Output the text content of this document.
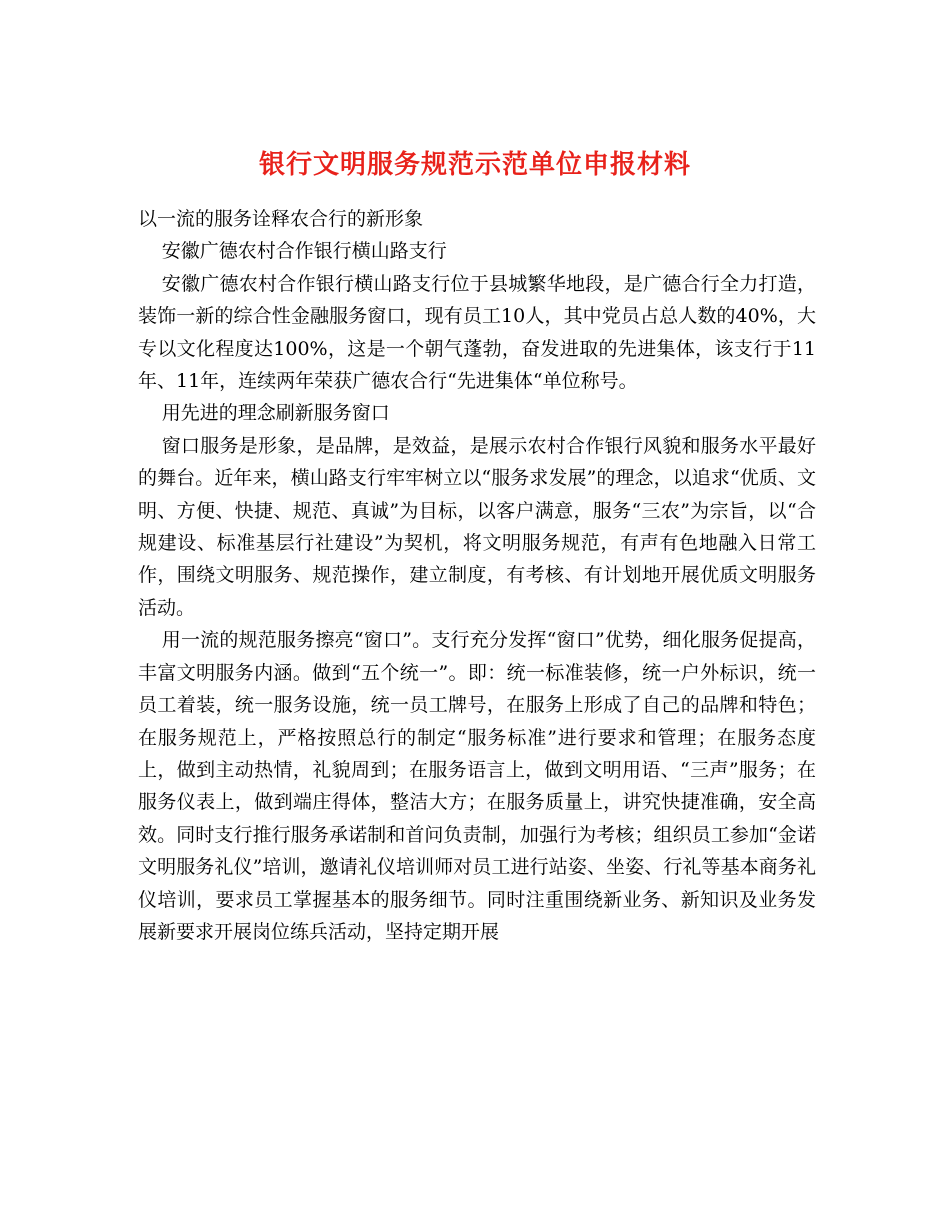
银行文明服务规范示范单位申报材料

以一流的服务诠释农合行的新形象

安徽广德农村合作银行横山路支行

安徽广德农村合作银行横山路支行位于县城繁华地段，是广德合行全力打造，装饰一新的综合性金融服务窗口，现有员工10人，其中党员占总人数的40%，大专以文化程度达100%，这是一个朝气蓬勃，奋发进取的先进集体，该支行于11年、11年，连续两年荣获广德农合行“先进集体“单位称号。

用先进的理念刷新服务窗口

窗口服务是形象，是品牌，是效益，是展示农村合作银行风貌和服务水平最好的舞台。近年来，横山路支行牢牢树立以“服务求发展”的理念，以追求“优质、文明、方便、快捷、规范、真诚”为目标，以客户满意，服务“三农”为宗旨，以“合规建设、标准基层行社建设”为契机，将文明服务规范，有声有色地融入日常工作，围绕文明服务、规范操作，建立制度，有考核、有计划地开展优质文明服务活动。

用一流的规范服务擦亮“窗口”。支行充分发挥“窗口”优势，细化服务促提高，丰富文明服务内涵。做到“五个统一”。即：统一标准装修，统一户外标识，统一员工着装，统一服务设施，统一员工牌号，在服务上形成了自己的品牌和特色；在服务规范上，严格按照总行的制定“服务标准”进行要求和管理；在服务态度上，做到主动热情，礼貌周到；在服务语言上，做到文明用语、“三声”服务；在服务仪表上，做到端庄得体，整洁大方；在服务质量上，讲究快捷准确，安全高效。同时支行推行服务承诺制和首问负责制，加强行为考核；组织员工参加“金诺文明服务礼仪”培训，邀请礼仪培训师对员工进行站姿、坐姿、行礼等基本商务礼仪培训，要求员工掌握基本的服务细节。同时注重围绕新业务、新知识及业务发展新要求开展岗位练兵活动，坚持定期开展
